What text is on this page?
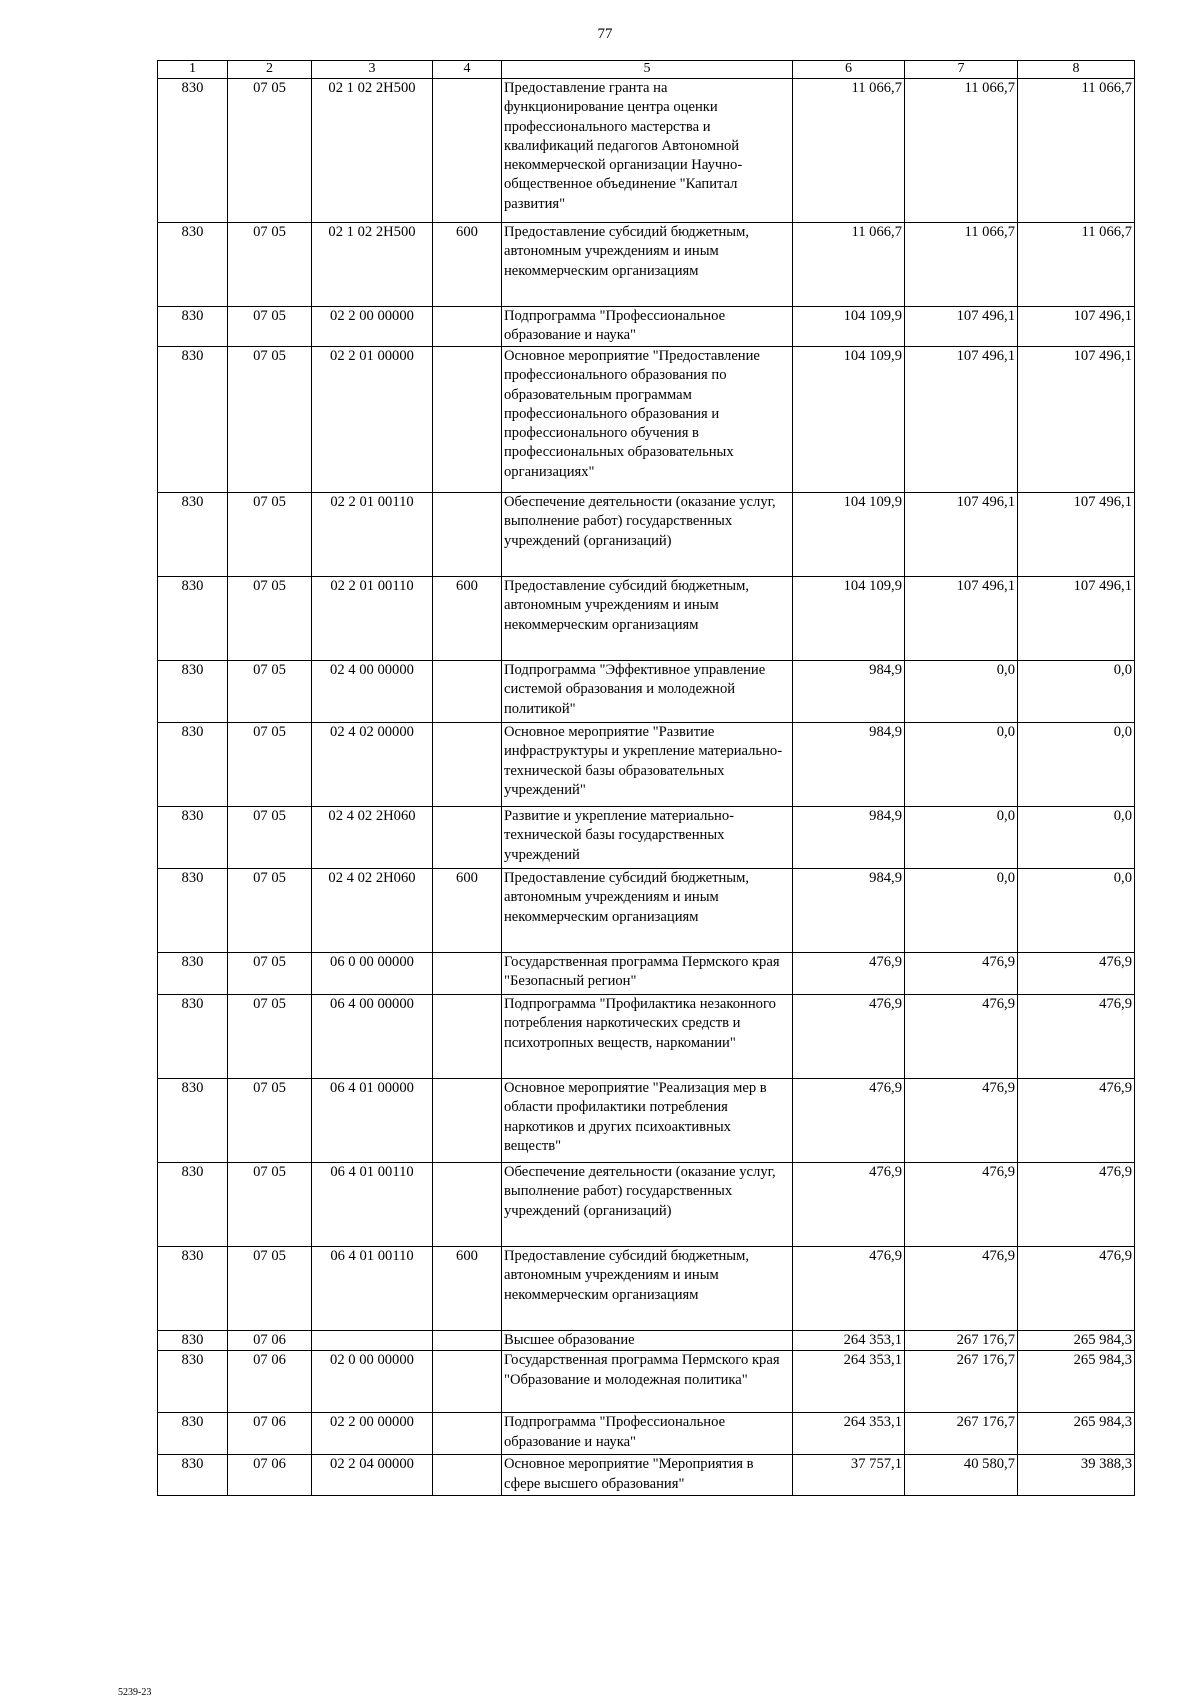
77
1	2	3	4	5	6	7	8
830	07 05	02 1 02 2Н500		Предоставление гранта на функционирование центра оценки профессионального мастерства и квалификаций педагогов Автономной некоммерческой организации Научно-общественное объединение "Капитал развития"	11 066,7	11 066,7	11 066,7
830	07 05	02 1 02 2Н500	600	Предоставление субсидий бюджетным, автономным учреждениям и иным некоммерческим организациям	11 066,7	11 066,7	11 066,7
830	07 05	02 2 00 00000		Подпрограмма "Профессиональное образование и наука"	104 109,9	107 496,1	107 496,1
830	07 05	02 2 01 00000		Основное мероприятие "Предоставление профессионального образования по образовательным программам профессионального образования и профессионального обучения в профессиональных образовательных организациях"	104 109,9	107 496,1	107 496,1
830	07 05	02 2 01 00110		Обеспечение деятельности (оказание услуг, выполнение работ) государственных учреждений (организаций)	104 109,9	107 496,1	107 496,1
830	07 05	02 2 01 00110	600	Предоставление субсидий бюджетным, автономным учреждениям и иным некоммерческим организациям	104 109,9	107 496,1	107 496,1
830	07 05	02 4 00 00000		Подпрограмма "Эффективное управление системой образования и молодежной политикой"	984,9	0,0	0,0
830	07 05	02 4 02 00000		Основное мероприятие "Развитие инфраструктуры и укрепление материально-технической базы образовательных учреждений"	984,9	0,0	0,0
830	07 05	02 4 02 2Н060		Развитие и укрепление материально-технической базы государственных учреждений	984,9	0,0	0,0
830	07 05	02 4 02 2Н060	600	Предоставление субсидий бюджетным, автономным учреждениям и иным некоммерческим организациям	984,9	0,0	0,0
830	07 05	06 0 00 00000		Государственная программа Пермского края "Безопасный регион"	476,9	476,9	476,9
830	07 05	06 4 00 00000		Подпрограмма "Профилактика незаконного потребления наркотических средств и психотропных веществ, наркомании"	476,9	476,9	476,9
830	07 05	06 4 01 00000		Основное мероприятие "Реализация мер в области профилактики потребления наркотиков и других психоактивных веществ"	476,9	476,9	476,9
830	07 05	06 4 01 00110		Обеспечение деятельности (оказание услуг, выполнение работ) государственных учреждений (организаций)	476,9	476,9	476,9
830	07 05	06 4 01 00110	600	Предоставление субсидий бюджетным, автономным учреждениям и иным некоммерческим организациям	476,9	476,9	476,9
830	07 06			Высшее образование	264 353,1	267 176,7	265 984,3
830	07 06	02 0 00 00000		Государственная программа Пермского края "Образование и молодежная политика"	264 353,1	267 176,7	265 984,3
830	07 06	02 2 00 00000		Подпрограмма "Профессиональное образование и наука"	264 353,1	267 176,7	265 984,3
830	07 06	02 2 04 00000		Основное мероприятие "Мероприятия в сфере высшего образования"	37 757,1	40 580,7	39 388,3
5239-23
